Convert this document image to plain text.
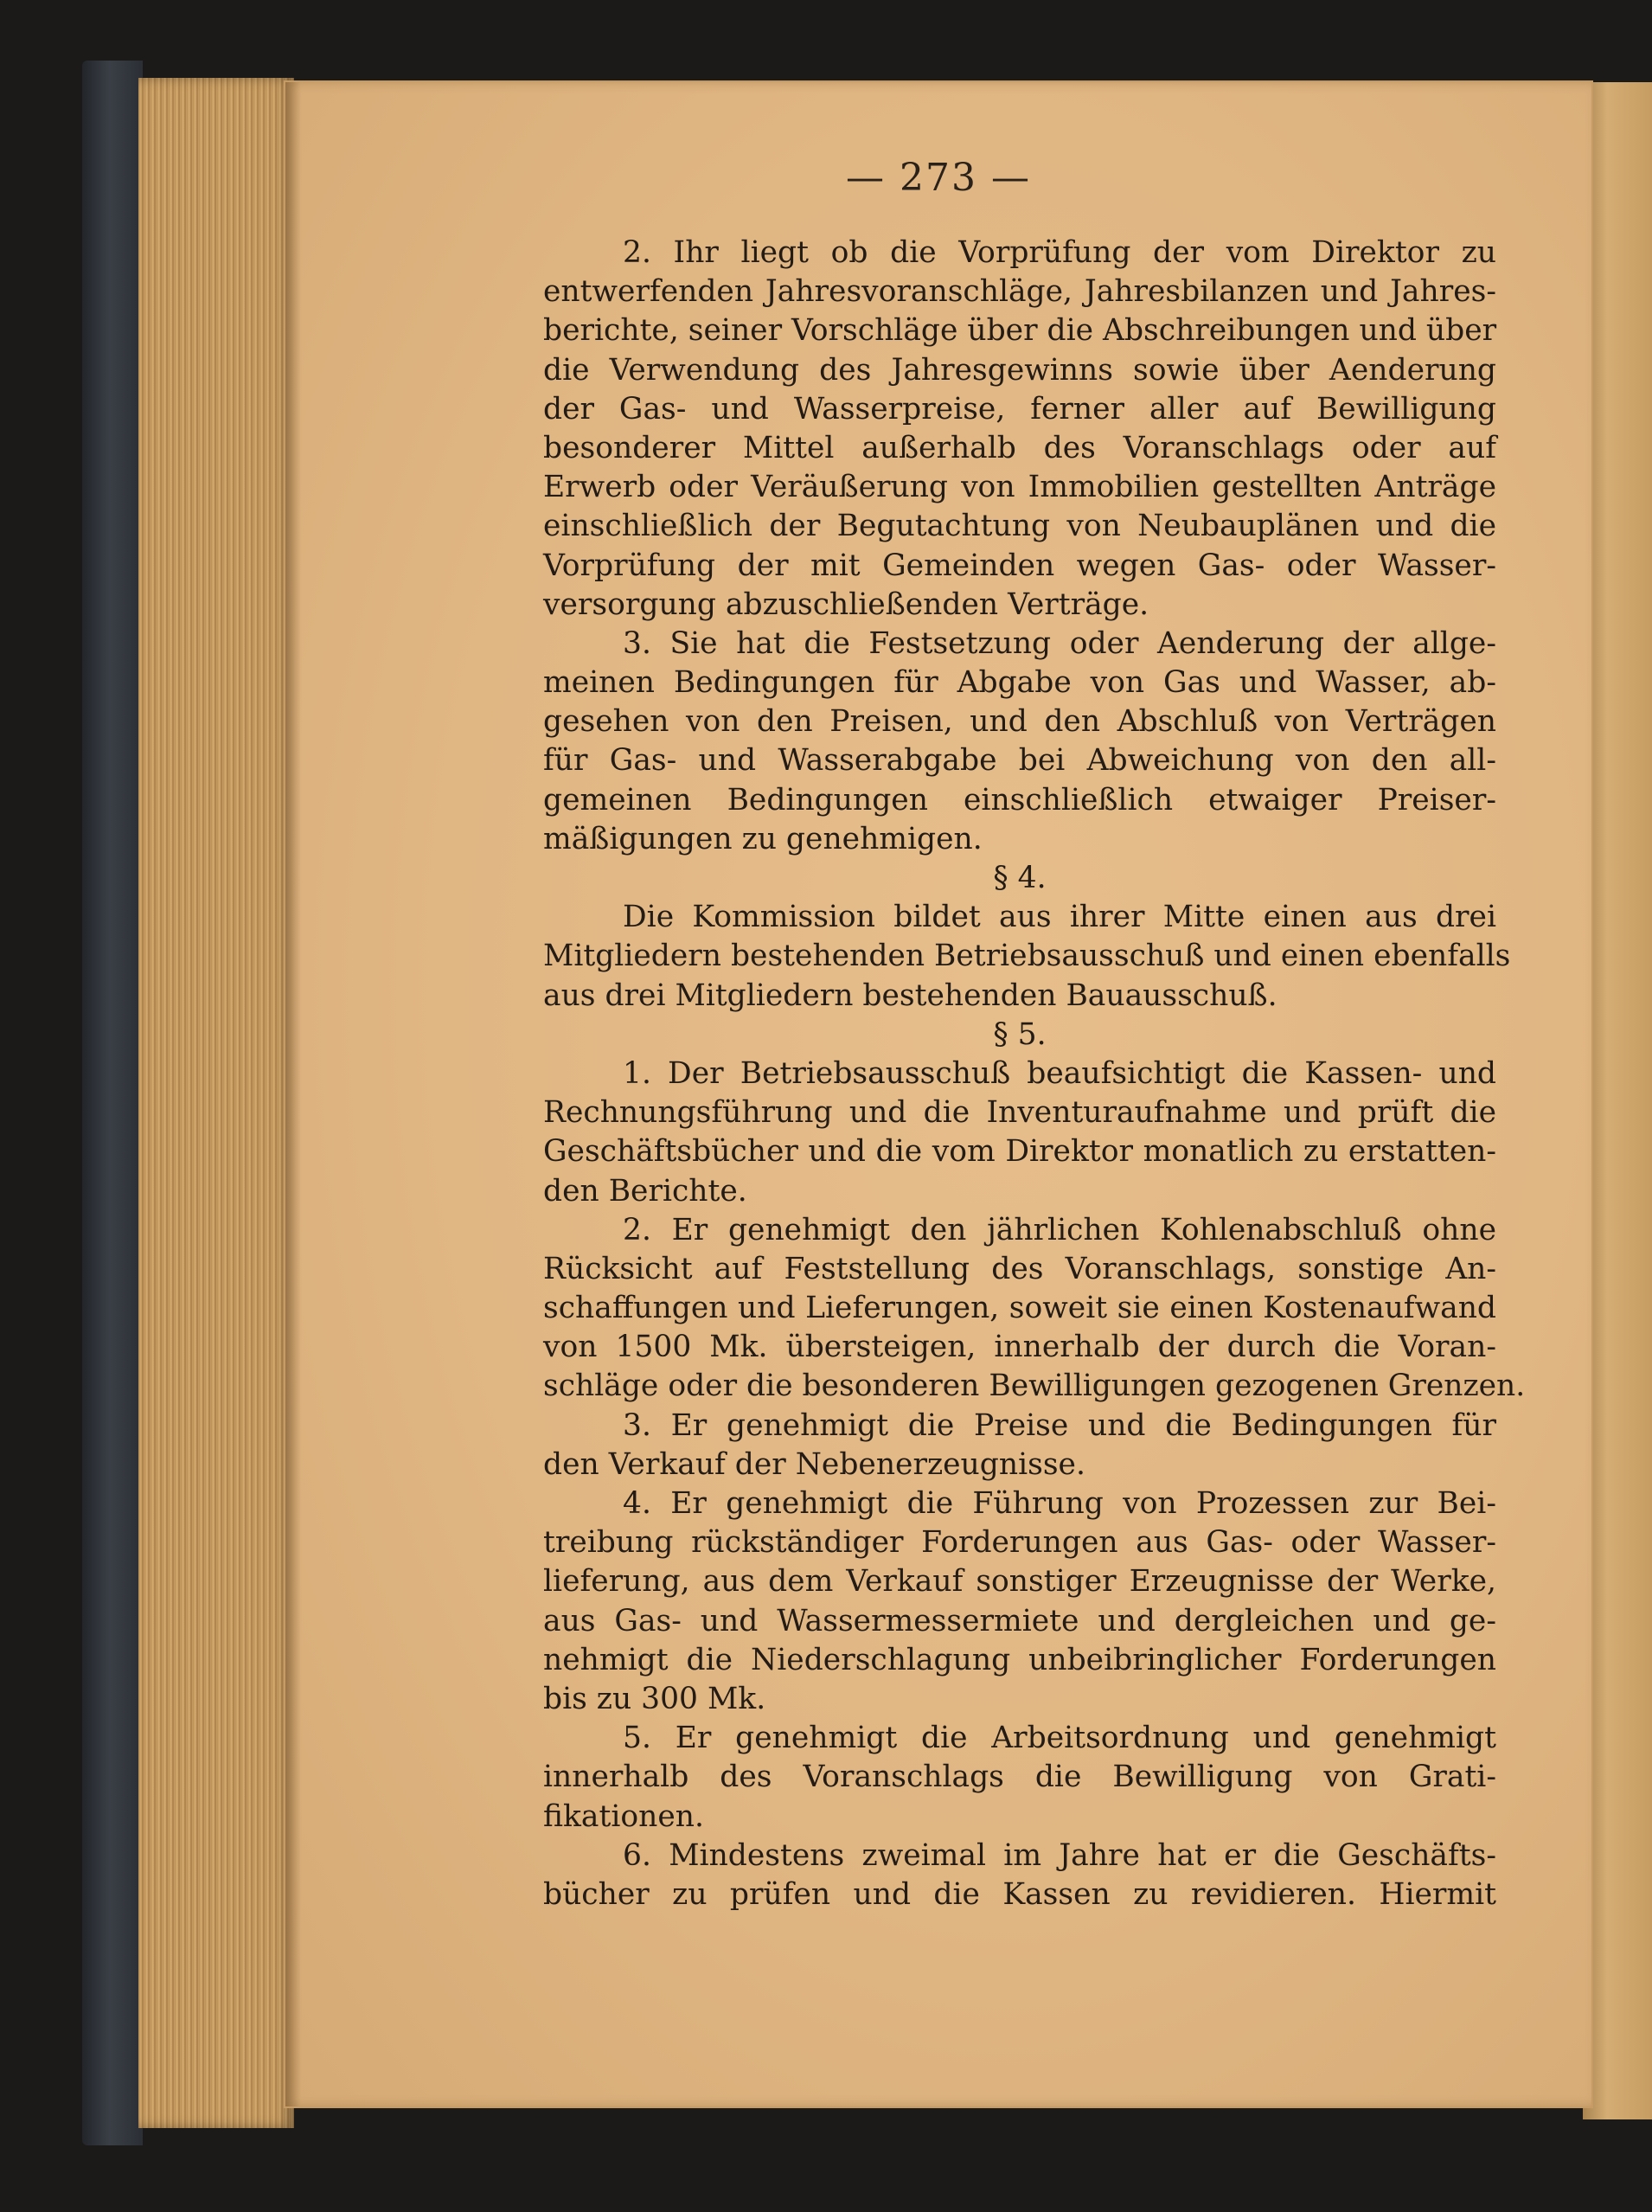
— 273 —
2. Ihr liegt ob die Vorprüfung der vom Direktor zu
entwerfenden Jahresvoranschläge, Jahresbilanzen und Jahres-
berichte, seiner Vorschläge über die Abschreibungen und über
die Verwendung des Jahresgewinns sowie über Aenderung
der Gas- und Wasserpreise, ferner aller auf Bewilligung
besonderer Mittel außerhalb des Voranschlags oder auf
Erwerb oder Veräußerung von Immobilien gestellten Anträge
einschließlich der Begutachtung von Neubauplänen und die
Vorprüfung der mit Gemeinden wegen Gas- oder Wasser-
versorgung abzuschließenden Verträge.
3. Sie hat die Festsetzung oder Aenderung der allge-
meinen Bedingungen für Abgabe von Gas und Wasser, ab-
gesehen von den Preisen, und den Abschluß von Verträgen
für Gas- und Wasserabgabe bei Abweichung von den all-
gemeinen Bedingungen einschließlich etwaiger Preiser-
mäßigungen zu genehmigen.
§ 4.
Die Kommission bildet aus ihrer Mitte einen aus drei
Mitgliedern bestehenden Betriebsausschuß und einen ebenfalls
aus drei Mitgliedern bestehenden Bauausschuß.
§ 5.
1. Der Betriebsausschuß beaufsichtigt die Kassen- und
Rechnungsführung und die Inventuraufnahme und prüft die
Geschäftsbücher und die vom Direktor monatlich zu erstatten-
den Berichte.
2. Er genehmigt den jährlichen Kohlenabschluß ohne
Rücksicht auf Feststellung des Voranschlags, sonstige An-
schaffungen und Lieferungen, soweit sie einen Kostenaufwand
von 1500 Mk. übersteigen, innerhalb der durch die Voran-
schläge oder die besonderen Bewilligungen gezogenen Grenzen.
3. Er genehmigt die Preise und die Bedingungen für
den Verkauf der Nebenerzeugnisse.
4. Er genehmigt die Führung von Prozessen zur Bei-
treibung rückständiger Forderungen aus Gas- oder Wasser-
lieferung, aus dem Verkauf sonstiger Erzeugnisse der Werke,
aus Gas- und Wassermessermiete und dergleichen und ge-
nehmigt die Niederschlagung unbeibringlicher Forderungen
bis zu 300 Mk.
5. Er genehmigt die Arbeitsordnung und genehmigt
innerhalb des Voranschlags die Bewilligung von Grati-
fikationen.
6. Mindestens zweimal im Jahre hat er die Geschäfts-
bücher zu prüfen und die Kassen zu revidieren. Hiermit
